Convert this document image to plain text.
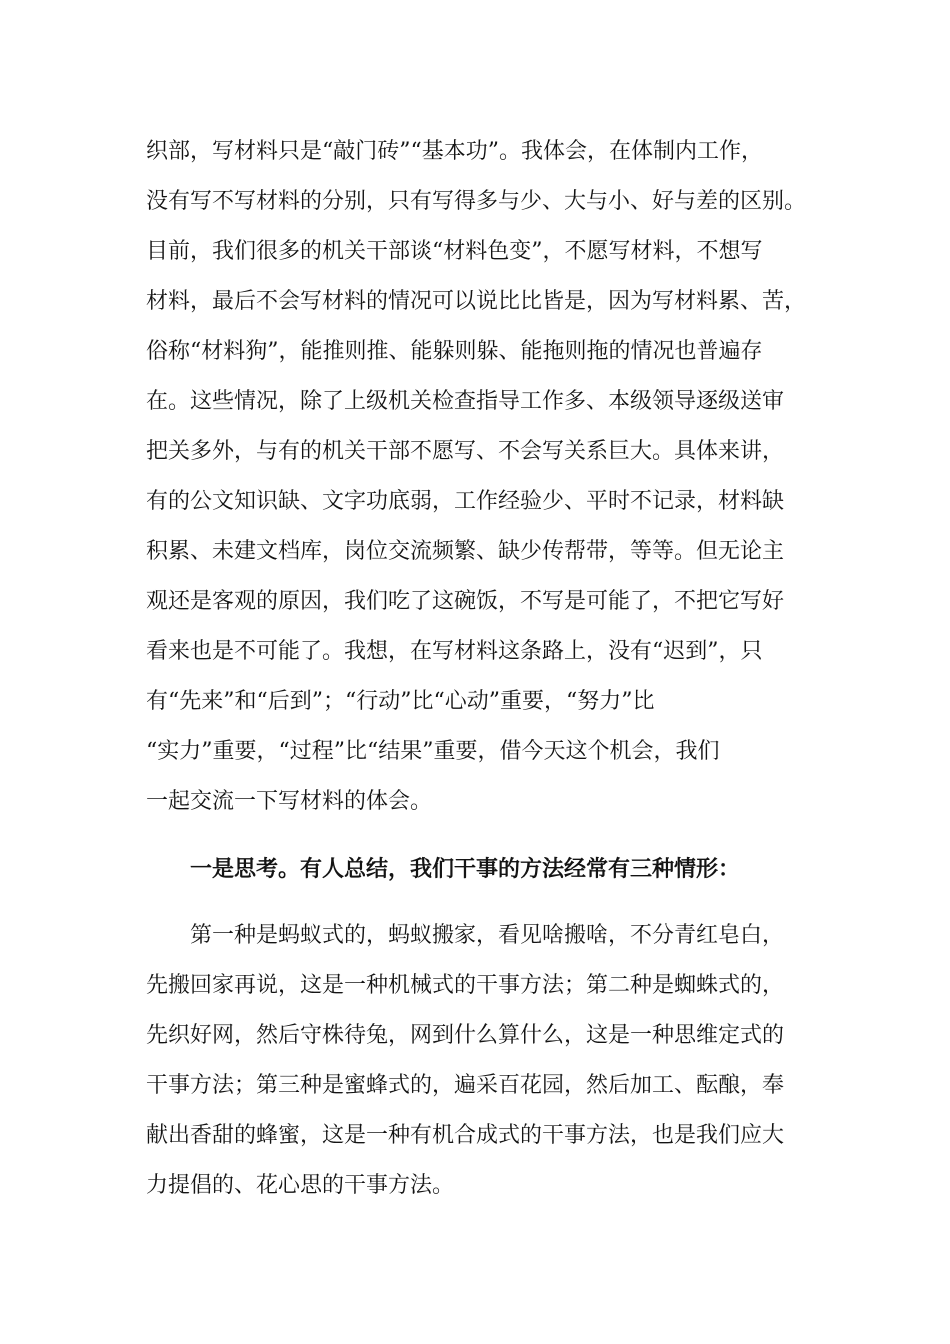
织部，写材料只是“敲门砖”“基本功”。我体会，在体制内工作，
没有写不写材料的分别，只有写得多与少、大与小、好与差的区别。
目前，我们很多的机关干部谈“材料色变”，不愿写材料，不想写
材料，最后不会写材料的情况可以说比比皆是，因为写材料累、苦，
俗称“材料狗”，能推则推、能躲则躲、能拖则拖的情况也普遍存
在。这些情况，除了上级机关检查指导工作多、本级领导逐级送审
把关多外，与有的机关干部不愿写、不会写关系巨大。具体来讲，
有的公文知识缺、文字功底弱，工作经验少、平时不记录，材料缺
积累、未建文档库，岗位交流频繁、缺少传帮带，等等。但无论主
观还是客观的原因，我们吃了这碗饭，不写是可能了，不把它写好
看来也是不可能了。我想，在写材料这条路上，没有“迟到”，只
有“先来”和“后到”；“行动”比“心动”重要，“努力”比
“实力”重要，“过程”比“结果”重要，借今天这个机会，我们
一起交流一下写材料的体会。
一是思考。有人总结，我们干事的方法经常有三种情形：
第一种是蚂蚁式的，蚂蚁搬家，看见啥搬啥，不分青红皂白，
先搬回家再说，这是一种机械式的干事方法；第二种是蜘蛛式的，
先织好网，然后守株待兔，网到什么算什么，这是一种思维定式的
干事方法；第三种是蜜蜂式的，遍采百花园，然后加工、酝酿，奉
献出香甜的蜂蜜，这是一种有机合成式的干事方法，也是我们应大
力提倡的、花心思的干事方法。
